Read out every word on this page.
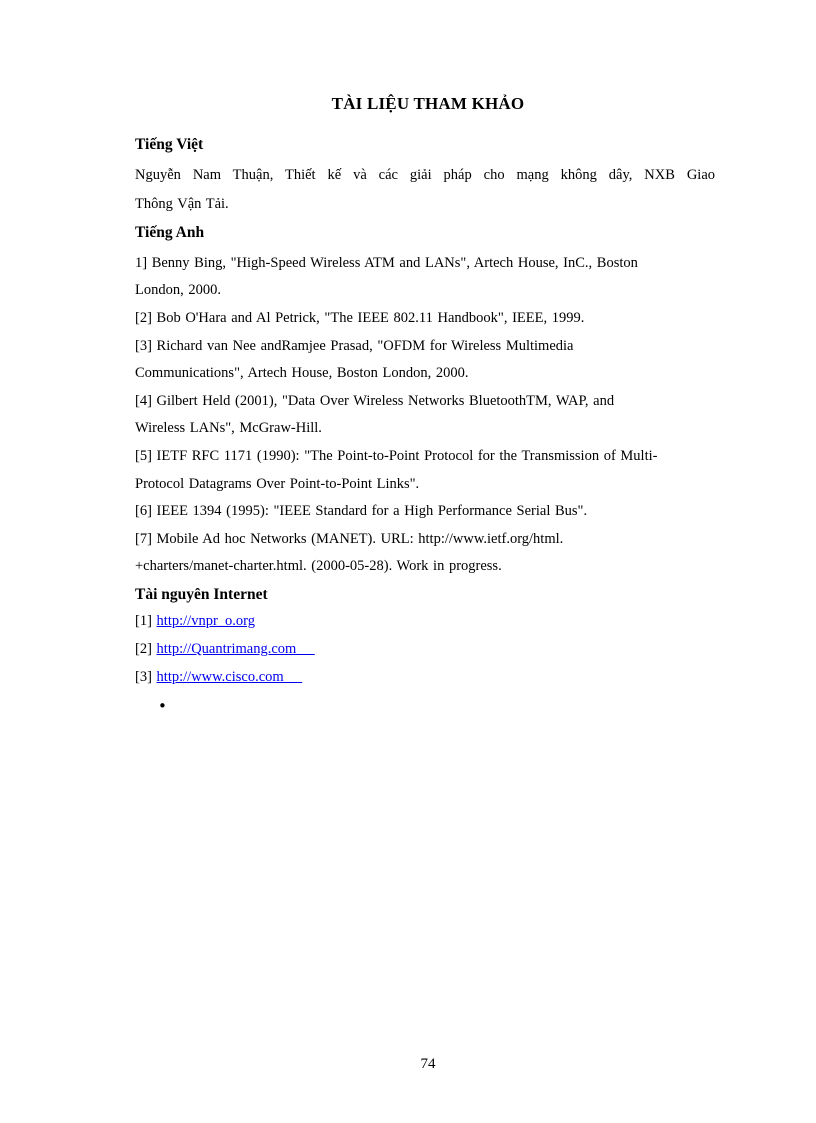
TÀI LIỆU THAM KHẢO
Tiếng Việt
Nguyễn Nam Thuận, Thiết kế và các giải pháp cho mạng không dây, NXB Giao
Thông Vận Tải.
Tiếng Anh
1] Benny Bing, "High-Speed Wireless ATM and LANs", Artech House, InC., Boston
London, 2000.
[2] Bob O'Hara and Al Petrick, "The IEEE 802.11 Handbook", IEEE, 1999.
[3] Richard van Nee andRamjee Prasad, "OFDM for Wireless Multimedia
Communications", Artech House, Boston London, 2000.
[4] Gilbert Held (2001), "Data Over Wireless Networks BluetoothTM, WAP, and
Wireless LANs", McGraw-Hill.
[5] IETF RFC 1171 (1990): "The Point-to-Point Protocol for the Transmission of Multi-
Protocol Datagrams Over Point-to-Point Links".
[6] IEEE 1394 (1995): "IEEE Standard for a High Performance Serial Bus".
[7] Mobile Ad hoc Networks (MANET). URL: http://www.ietf.org/html.
+charters/manet-charter.html. (2000-05-28). Work in progress.
Tài nguyên Internet
[1] http://vnpr_o.org
[2] http://Quantrimang.com
[3] http://www.cisco.com
•
74
